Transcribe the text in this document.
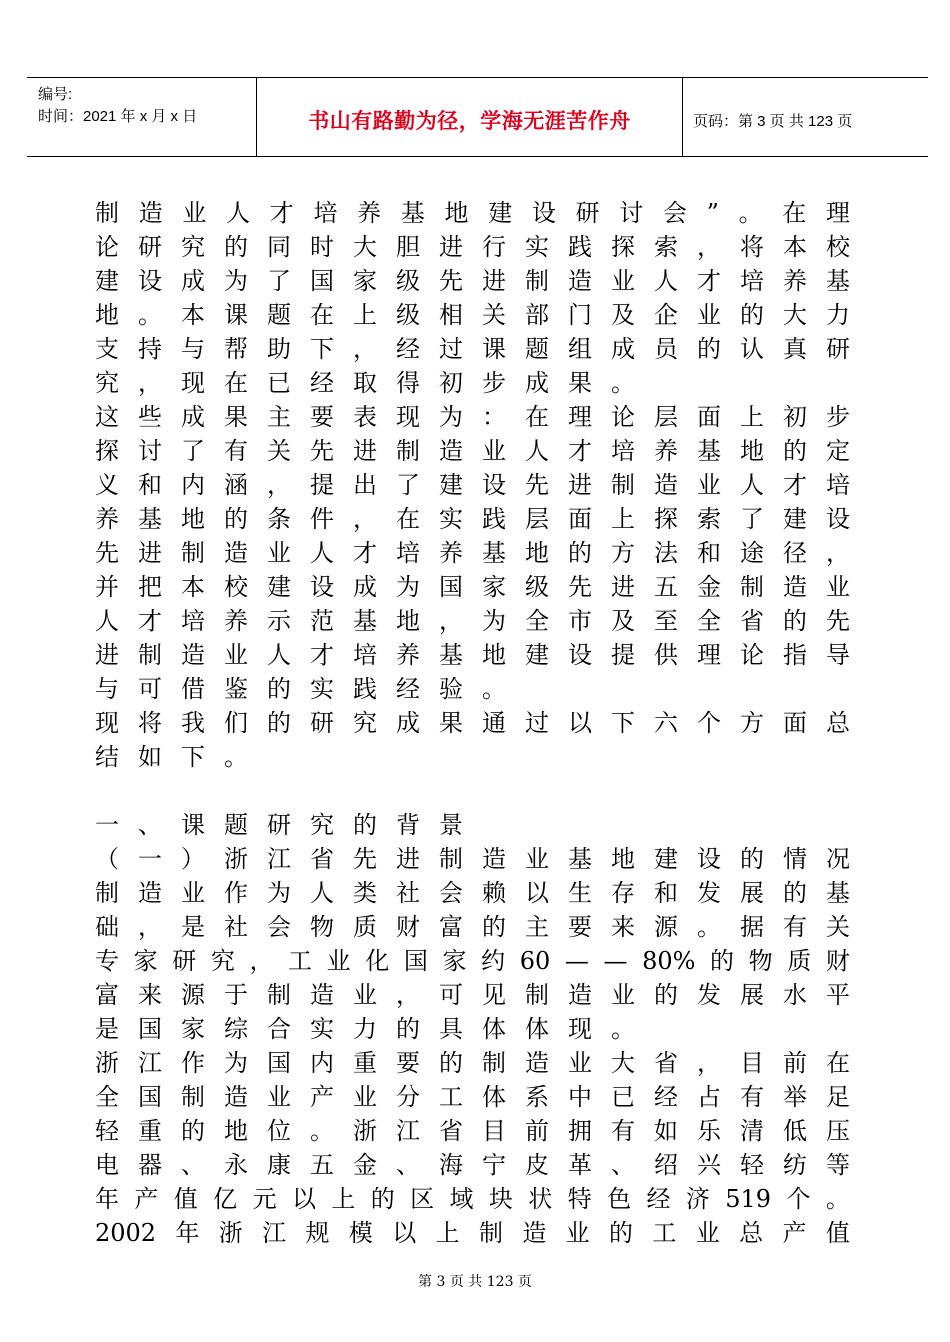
编号:
时间：2021 年 x 月 x 日	书山有路勤为径，学海无涯苦作舟	页码：第 3 页 共 123 页
制 造 业 人 才 培 养 基 地 建 设 研 讨 会 ” 。 在 理
论 研 究 的 同 时 大 胆 进 行 实 践 探 索 ， 将 本 校
建 设 成 为 了 国 家 级 先 进 制 造 业 人 才 培 养 基
地 。 本 课 题 在 上 级 相 关 部 门 及 企 业 的 大 力
支 持 与 帮 助 下 ， 经 过 课 题 组 成 员 的 认 真 研
究 ， 现 在 已 经 取 得 初 步 成 果 。
这 些 成 果 主 要 表 现 为 ： 在 理 论 层 面 上 初 步
探 讨 了 有 关 先 进 制 造 业 人 才 培 养 基 地 的 定
义 和 内 涵 ， 提 出 了 建 设 先 进 制 造 业 人 才 培
养 基 地 的 条 件 ， 在 实 践 层 面 上 探 索 了 建 设
先 进 制 造 业 人 才 培 养 基 地 的 方 法 和 途 径 ，
并 把 本 校 建 设 成 为 国 家 级 先 进 五 金 制 造 业
人 才 培 养 示 范 基 地 ， 为 全 市 及 至 全 省 的 先
进 制 造 业 人 才 培 养 基 地 建 设 提 供 理 论 指 导
与 可 借 鉴 的 实 践 经 验 。
现 将 我 们 的 研 究 成 果 通 过 以 下 六 个 方 面 总
结 如 下 。
一 、 课 题 研 究 的 背 景
（ 一 ） 浙 江 省 先 进 制 造 业 基 地 建 设 的 情 况
制 造 业 作 为 人 类 社 会 赖 以 生 存 和 发 展 的 基
础 ， 是 社 会 物 质 财 富 的 主 要 来 源 。 据 有 关
专 家 研 究 ， 工 业 化 国 家 约 60 — — 80% 的 物 质 财
富 来 源 于 制 造 业 ， 可 见 制 造 业 的 发 展 水 平
是 国 家 综 合 实 力 的 具 体 体 现 。
浙 江 作 为 国 内 重 要 的 制 造 业 大 省 ， 目 前 在
全 国 制 造 业 产 业 分 工 体 系 中 已 经 占 有 举 足
轻 重 的 地 位 。 浙 江 省 目 前 拥 有 如 乐 清 低 压
电 器 、 永 康 五 金 、 海 宁 皮 革 、 绍 兴 轻 纺 等
年 产 值 亿 元 以 上 的 区 域 块 状 特 色 经 济 519 个 。
2002 年 浙 江 规 模 以 上 制 造 业 的 工 业 总 产 值
第 3 页 共 123 页
